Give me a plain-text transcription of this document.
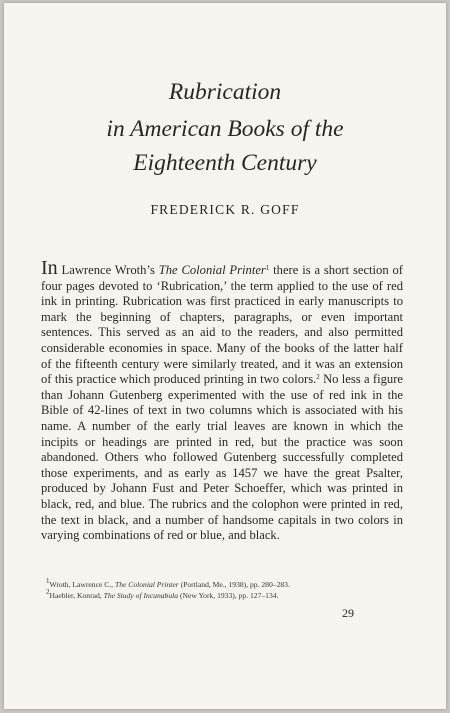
Rubrication
in American Books of the
Eighteenth Century
FREDERICK R. GOFF

In Lawrence Wroth’s The Colonial Printer$^1$ there is a short section of four pages devoted to ‘Rubrication,’ the term applied to the use of red ink in printing. Rubrication was first practiced in early manuscripts to mark the beginning of chapters, paragraphs, or even important sentences. This served as an aid to the readers, and also permitted considerable economies in space. Many of the books of the latter half of the fifteenth century were similarly treated, and it was an extension of this practice which produced printing in two colors.$^2$ No less a figure than Johann Gutenberg experimented with the use of red ink in the Bible of 42-lines of text in two columns which is associated with his name. A number of the early trial leaves are known in which the incipits or headings are printed in red, but the practice was soon abandoned. Others who followed Gutenberg successfully completed those experiments, and as early as 1457 we have the great Psalter, produced by Johann Fust and Peter Schoeffer, which was printed in black, red, and blue. The rubrics and the colophon were printed in red, the text in black, and a number of handsome capitals in two colors in varying combinations of red or blue, and black.

$^1$Wroth, Lawrence C., The Colonial Printer (Portland, Me., 1938), pp. 280–283.
$^2$Haebler, Konrad, The Study of Incunabula (New York, 1933), pp. 127–134.
29
